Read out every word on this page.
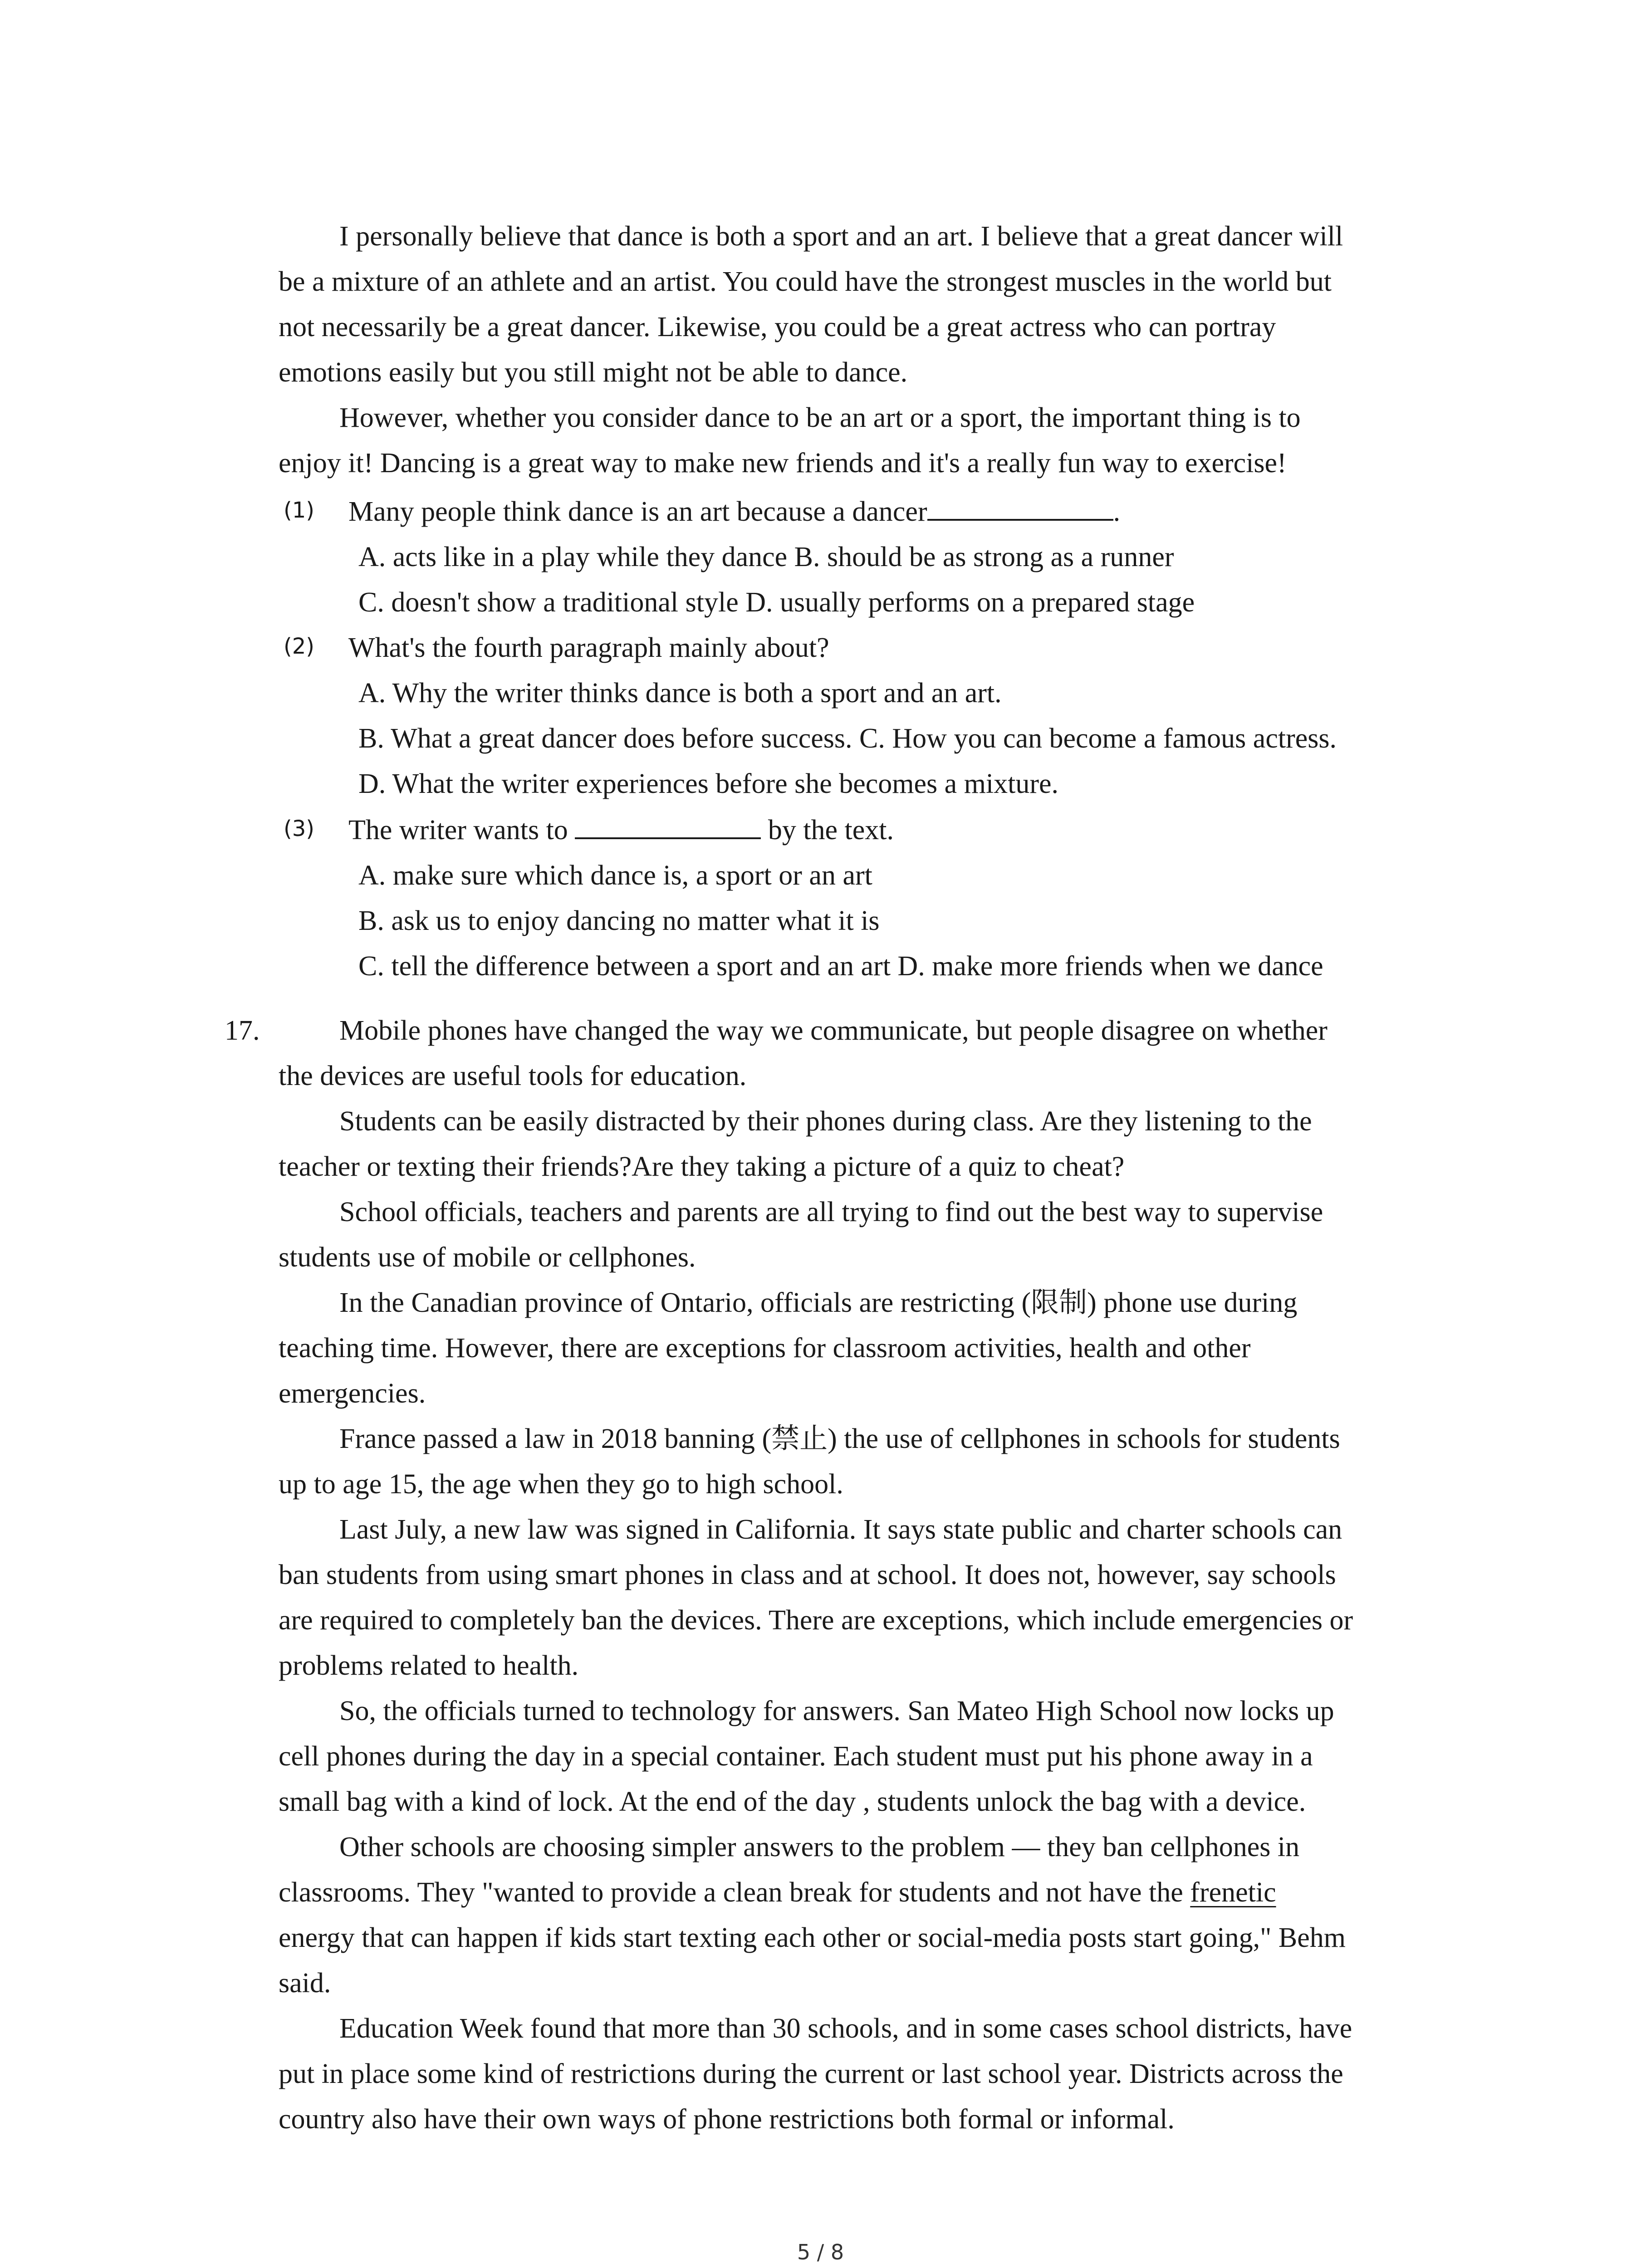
I personally believe that dance is both a sport and an art. I believe that a great dancer will
be a mixture of an athlete and an artist. You could have the strongest muscles in the world but
not necessarily be a great dancer. Likewise, you could be a great actress who can portray
emotions easily but you still might not be able to dance.
However, whether you consider dance to be an art or a sport, the important thing is to
enjoy it! Dancing is a great way to make new friends and it's a really fun way to exercise!
(1) Many people think dance is an art because a dancer	.
A. acts like in a play while they dance B. should be as strong as a runner
C. doesn't show a traditional style D. usually performs on a prepared stage
(2) What's the fourth paragraph mainly about?
A. Why the writer thinks dance is both a sport and an art.
B. What a great dancer does before success. C. How you can become a famous actress.
D. What the writer experiences before she becomes a mixture.
(3) The writer wants to	by the text.
A. make sure which dance is, a sport or an art
B. ask us to enjoy dancing no matter what it is
C. tell the difference between a sport and an art D. make more friends when we dance
17.	Mobile phones have changed the way we communicate, but people disagree on whether
the devices are useful tools for education.
Students can be easily distracted by their phones during class. Are they listening to the
teacher or texting their friends?Are they taking a picture of a quiz to cheat?
School officials, teachers and parents are all trying to find out the best way to supervise
students use of mobile or cellphones.
In the Canadian province of Ontario, officials are restricting (限制) phone use during
teaching time. However, there are exceptions for classroom activities, health and other
emergencies.
France passed a law in 2018 banning (禁止) the use of cellphones in schools for students
up to age 15, the age when they go to high school.
Last July, a new law was signed in California. It says state public and charter schools can
ban students from using smart phones in class and at school. It does not, however, say schools
are required to completely ban the devices. There are exceptions, which include emergencies or
problems related to health.
So, the officials turned to technology for answers. San Mateo High School now locks up
cell phones during the day in a special container. Each student must put his phone away in a
small bag with a kind of lock. At the end of the day , students unlock the bag with a device.
Other schools are choosing simpler answers to the problem — they ban cellphones in
classrooms. They "wanted to provide a clean break for students and not have the frenetic
energy that can happen if kids start texting each other or social-media posts start going," Behm
said.
Education Week found that more than 30 schools, and in some cases school districts, have
put in place some kind of restrictions during the current or last school year. Districts across the
country also have their own ways of phone restrictions both formal or informal.
5 / 8
